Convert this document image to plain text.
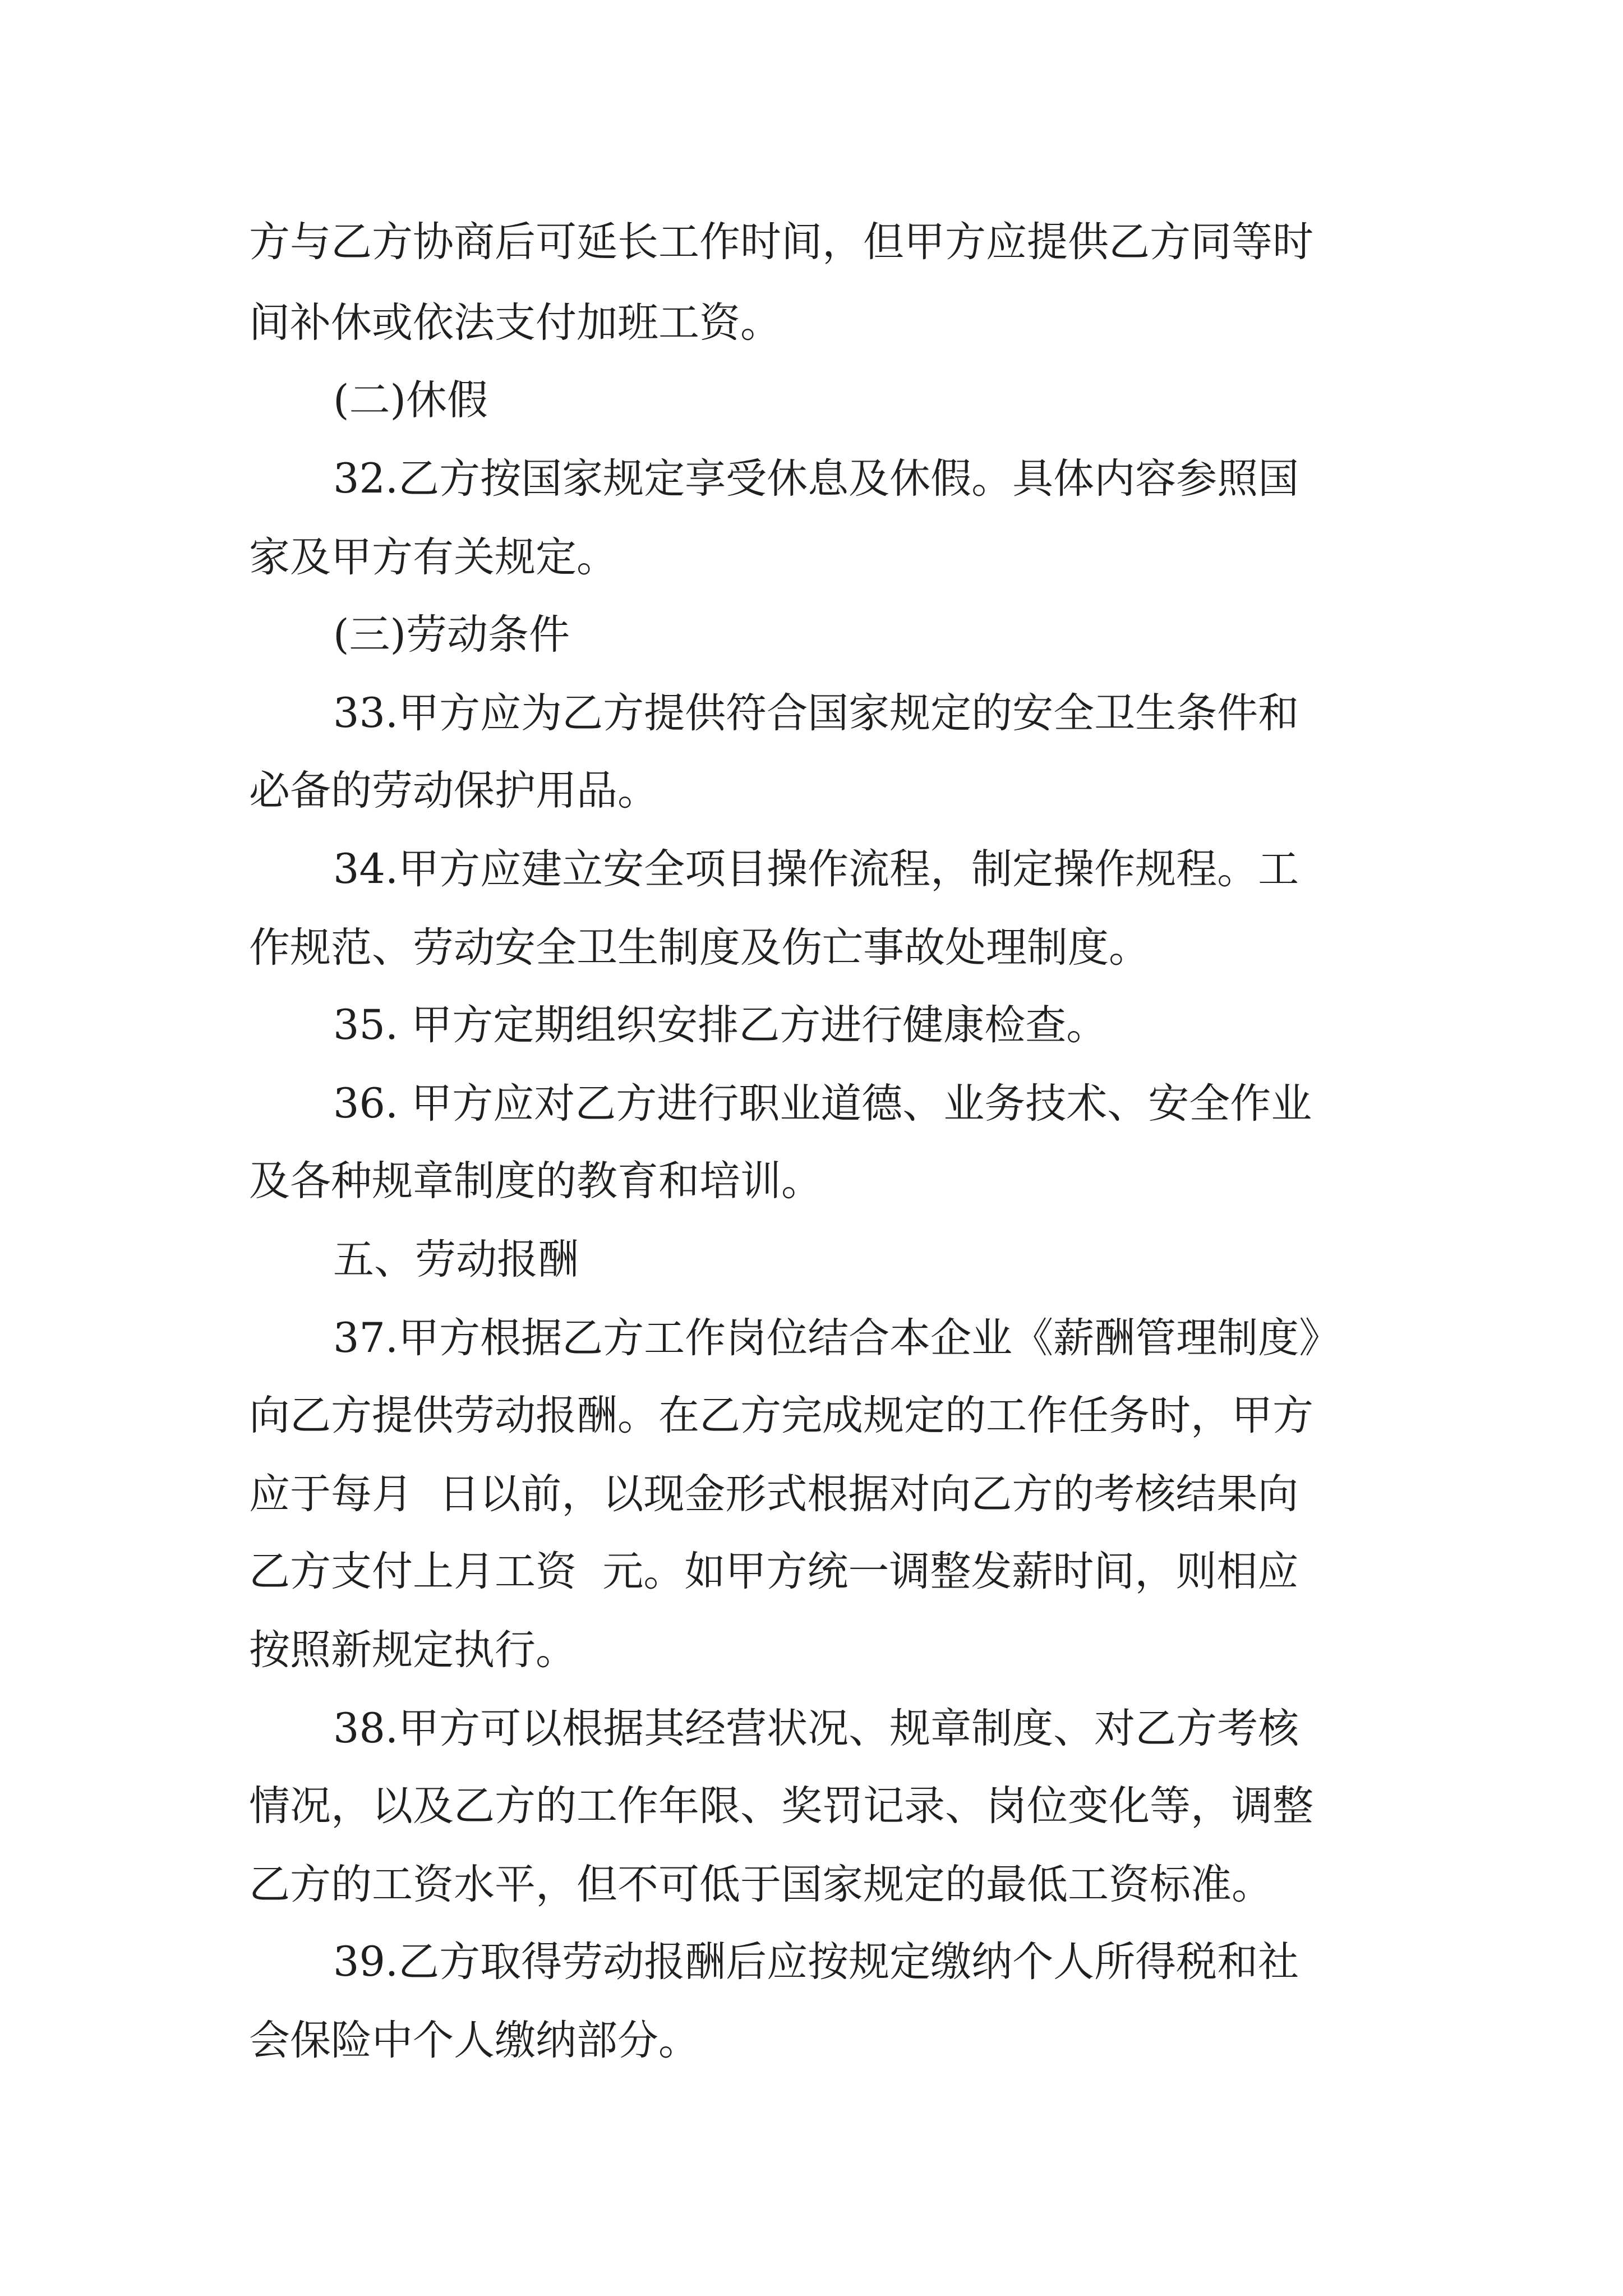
方与乙方协商后可延长工作时间，但甲方应提供乙方同等时
间补休或依法支付加班工资。
(二)休假
32.乙方按国家规定享受休息及休假。具体内容参照国
家及甲方有关规定。
(三)劳动条件
33.甲方应为乙方提供符合国家规定的安全卫生条件和
必备的劳动保护用品。
34.甲方应建立安全项目操作流程，制定操作规程。工
作规范、劳动安全卫生制度及伤亡事故处理制度。
35. 甲方定期组织安排乙方进行健康检查。
36. 甲方应对乙方进行职业道德、业务技术、安全作业
及各种规章制度的教育和培训。
五、劳动报酬
37.甲方根据乙方工作岗位结合本企业《薪酬管理制度》
向乙方提供劳动报酬。在乙方完成规定的工作任务时，甲方
应于每月  日以前，以现金形式根据对向乙方的考核结果向
乙方支付上月工资  元。如甲方统一调整发薪时间，则相应
按照新规定执行。
38.甲方可以根据其经营状况、规章制度、对乙方考核
情况，以及乙方的工作年限、奖罚记录、岗位变化等，调整
乙方的工资水平，但不可低于国家规定的最低工资标准。
39.乙方取得劳动报酬后应按规定缴纳个人所得税和社
会保险中个人缴纳部分。
